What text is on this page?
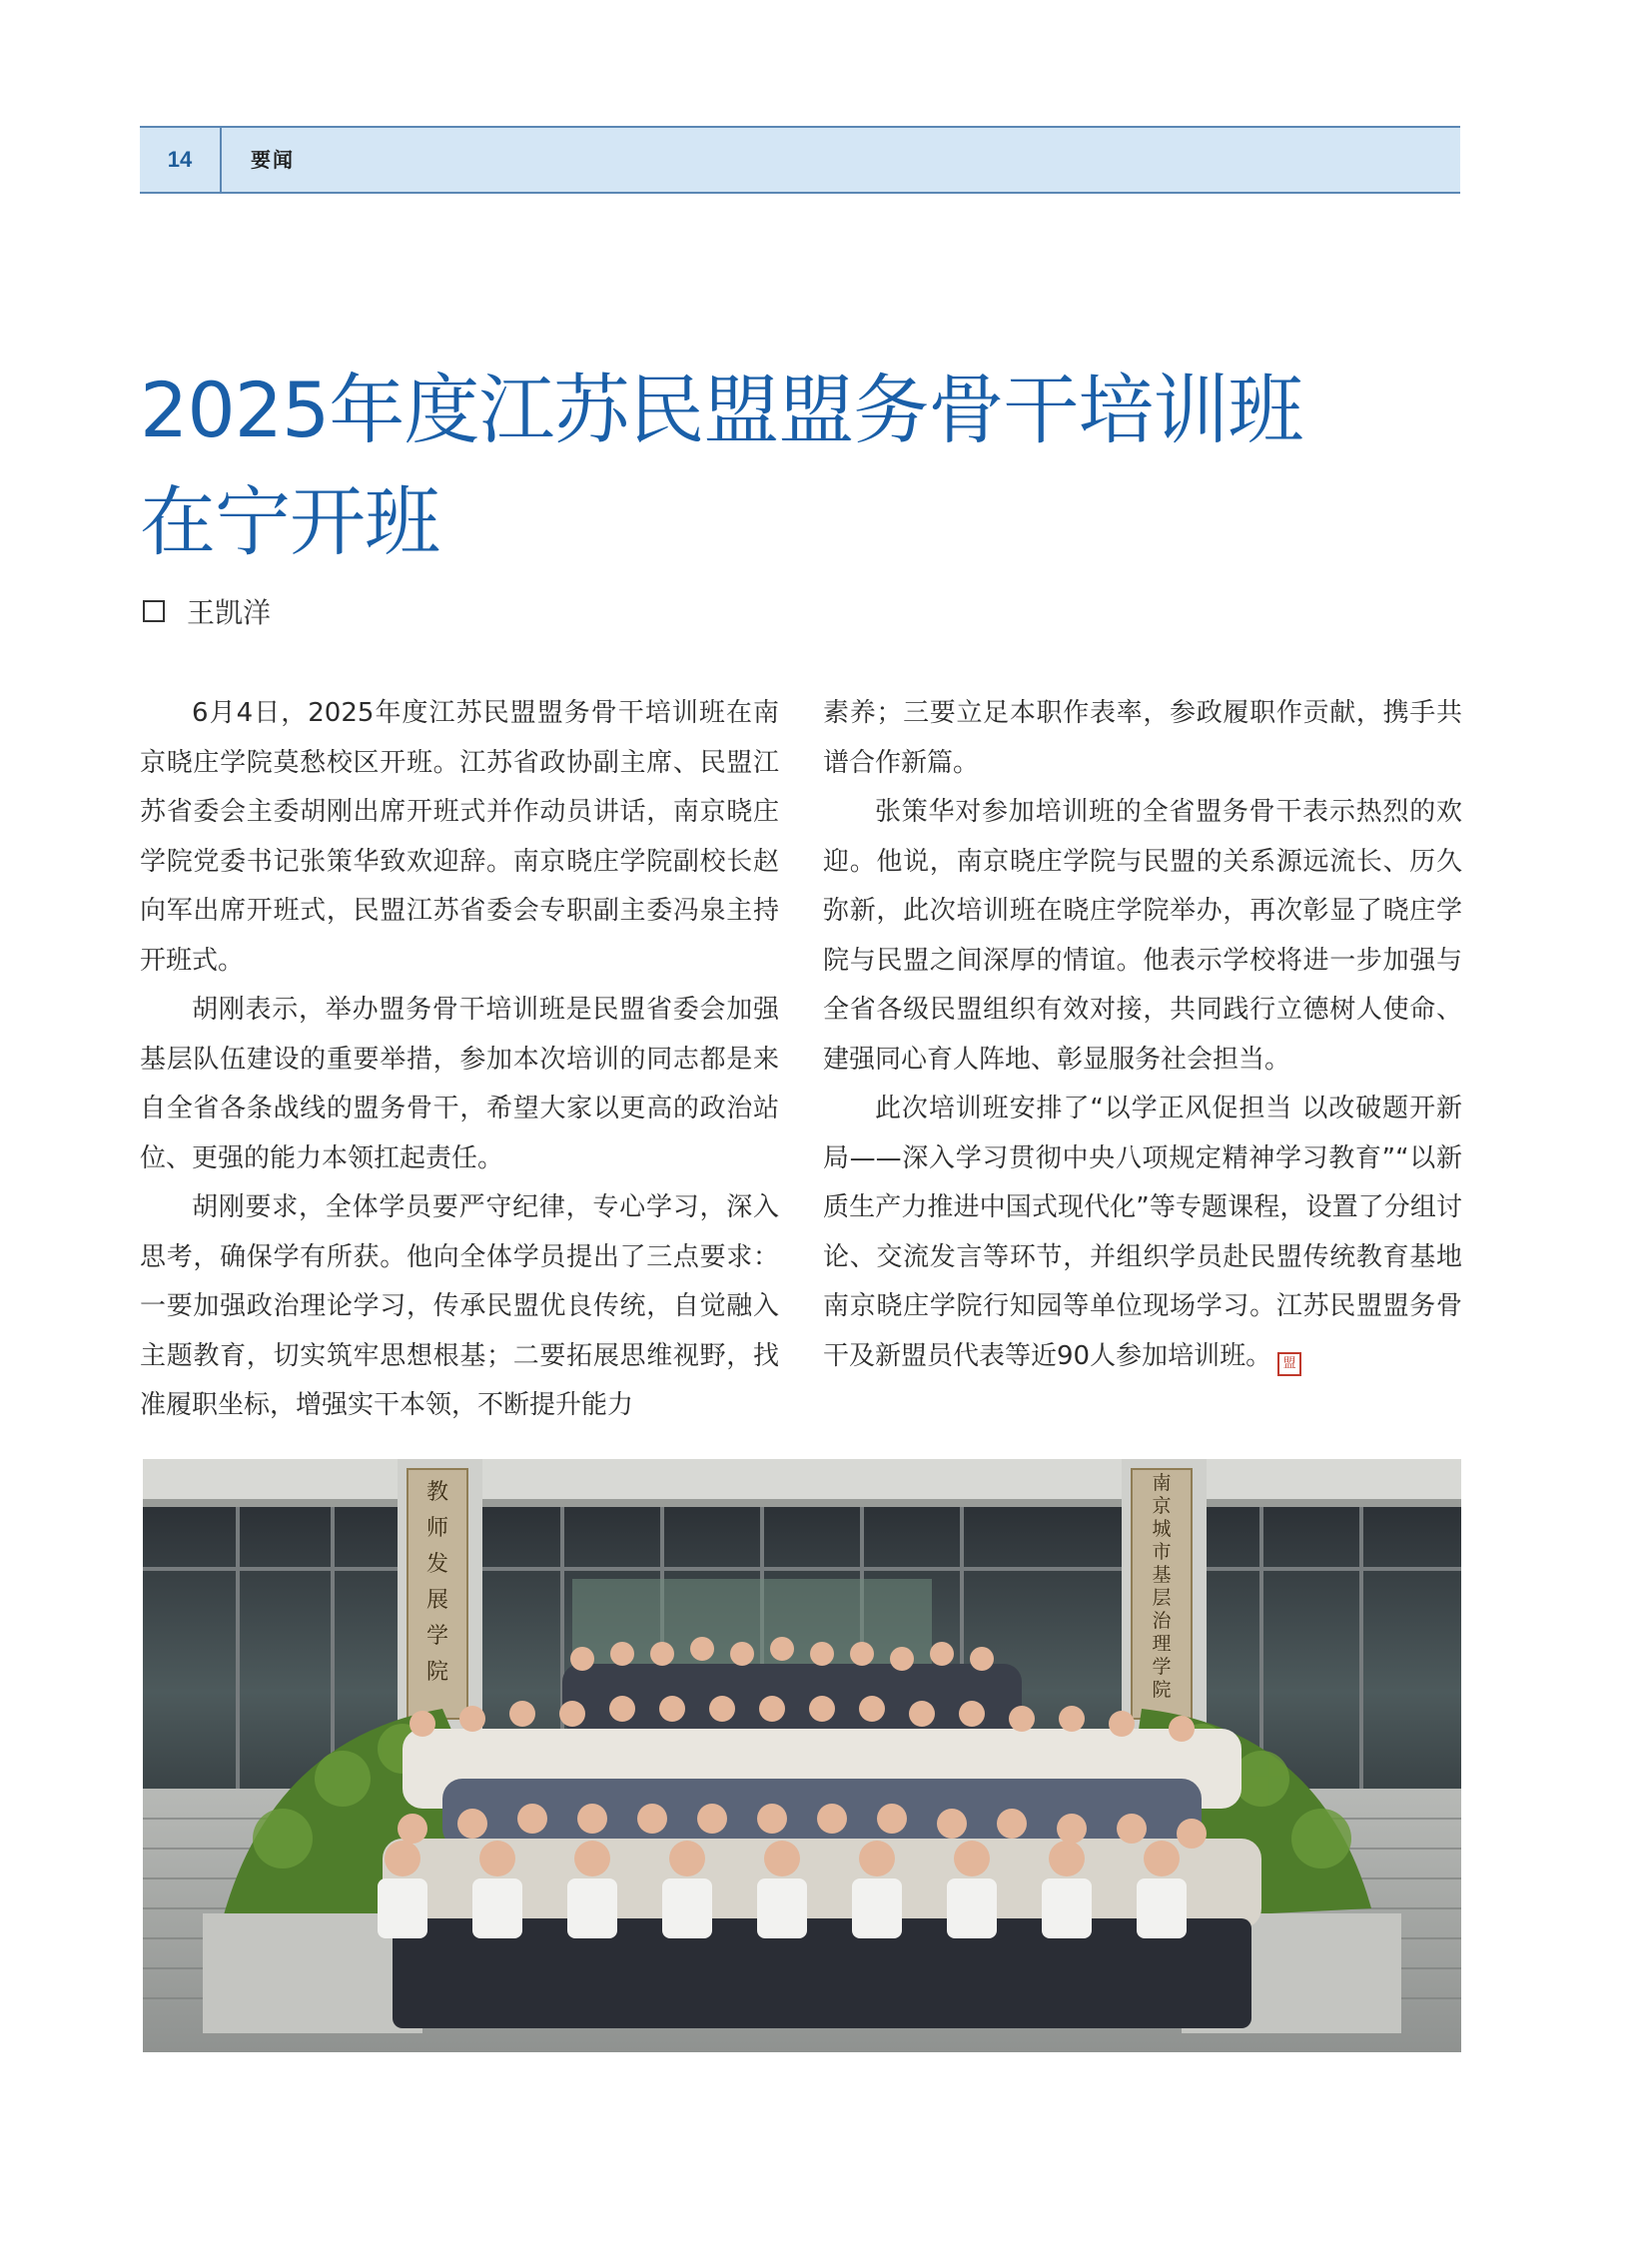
14	要闻
2025年度江苏民盟盟务骨干培训班
在宁开班
王凯洋

6月4日，2025年度江苏民盟盟务骨干培训班在南京晓庄学院莫愁校区开班。江苏省政协副主席、民盟江苏省委会主委胡刚出席开班式并作动员讲话，南京晓庄学院党委书记张策华致欢迎辞。南京晓庄学院副校长赵向军出席开班式，民盟江苏省委会专职副主委冯泉主持开班式。

胡刚表示，举办盟务骨干培训班是民盟省委会加强基层队伍建设的重要举措，参加本次培训的同志都是来自全省各条战线的盟务骨干，希望大家以更高的政治站位、更强的能力本领扛起责任。

胡刚要求，全体学员要严守纪律，专心学习，深入思考，确保学有所获。他向全体学员提出了三点要求：一要加强政治理论学习，传承民盟优良传统，自觉融入主题教育，切实筑牢思想根基；二要拓展思维视野，找准履职坐标，增强实干本领，不断提升能力

素养；三要立足本职作表率，参政履职作贡献，携手共谱合作新篇。

张策华对参加培训班的全省盟务骨干表示热烈的欢迎。他说，南京晓庄学院与民盟的关系源远流长、历久弥新，此次培训班在晓庄学院举办，再次彰显了晓庄学院与民盟之间深厚的情谊。他表示学校将进一步加强与全省各级民盟组织有效对接，共同践行立德树人使命、建强同心育人阵地、彰显服务社会担当。

此次培训班安排了“以学正风促担当 以改破题开新局——深入学习贯彻中央八项规定精神学习教育”“以新质生产力推进中国式现代化”等专题课程，设置了分组讨论、交流发言等环节，并组织学员赴民盟传统教育基地南京晓庄学院行知园等单位现场学习。江苏民盟盟务骨干及新盟员代表等近90人参加培训班。 盟

教师发展学院
南京城市基层治理学院
